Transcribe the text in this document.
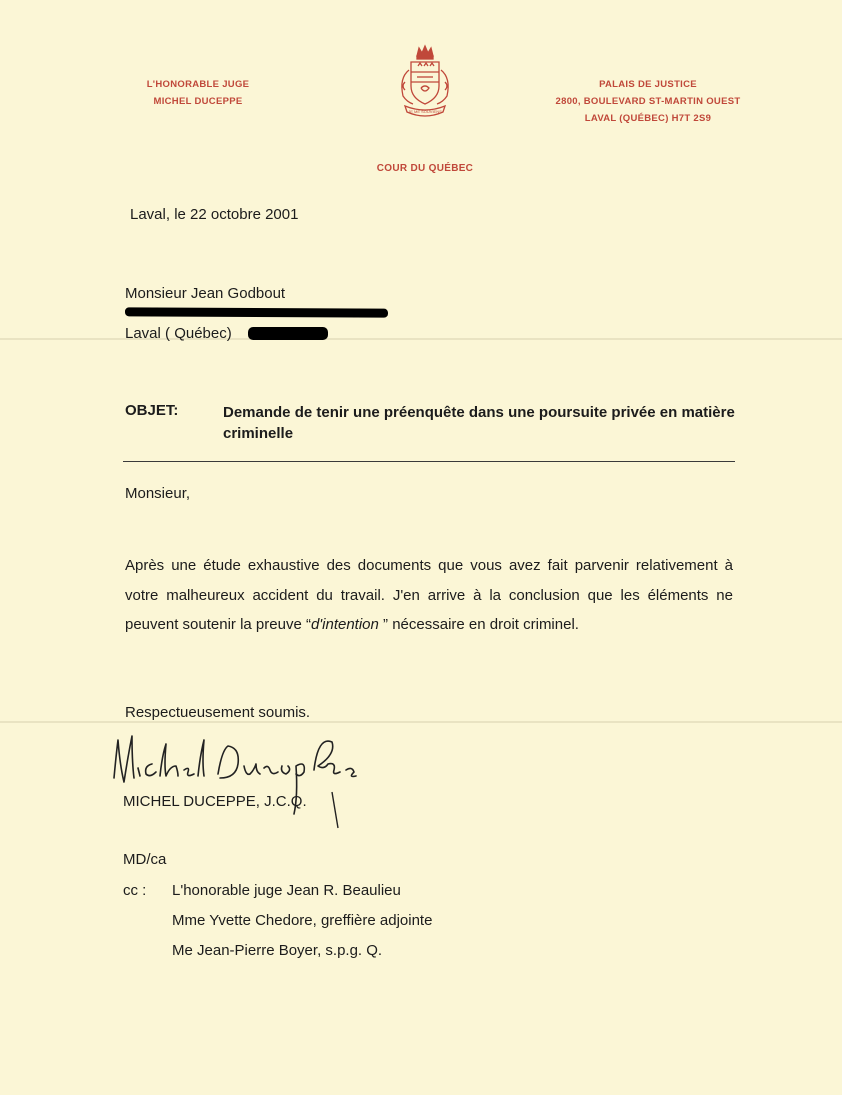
L'HONORABLE JUGE
MICHEL DUCEPPE
JE ME SOUVIENS
PALAIS DE JUSTICE
2800, BOULEVARD ST-MARTIN OUEST
LAVAL (QUÉBEC) H7T 2S9
COUR DU QUÉBEC
Laval, le 22 octobre 2001
Monsieur Jean Godbout
Laval ( Québec)
OBJET:	Demande de tenir une préenquête dans une poursuite privée en matière criminelle
Monsieur,
Après une étude exhaustive des documents que vous avez fait parvenir relativement à votre malheureux accident du travail. J'en arrive à la conclusion que les éléments ne peuvent soutenir la preuve “d'intention ” nécessaire en droit criminel.
Respectueusement soumis.
Michel Duceppe
MICHEL DUCEPPE, J.C.Q.
MD/ca
cc : L'honorable juge Jean R. Beaulieu
Mme Yvette Chedore, greffière adjointe
Me Jean-Pierre Boyer, s.p.g. Q.
